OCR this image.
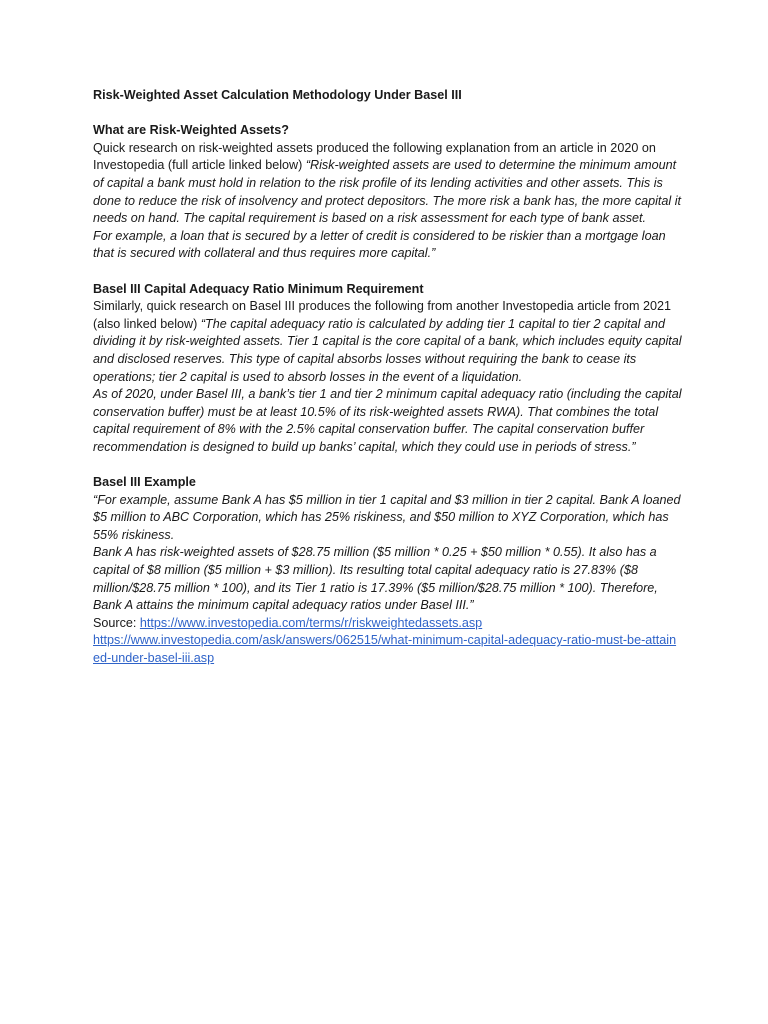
Risk-Weighted Asset Calculation Methodology Under Basel III
What are Risk-Weighted Assets?

Quick research on risk-weighted assets produced the following explanation from an article in 2020 on Investopedia (full article linked below) “Risk-weighted assets are used to determine the minimum amount of capital a bank must hold in relation to the risk profile of its lending activities and other assets. This is done to reduce the risk of insolvency and protect depositors. The more risk a bank has, the more capital it needs on hand. The capital requirement is based on a risk assessment for each type of bank asset.

For example, a loan that is secured by a letter of credit is considered to be riskier than a mortgage loan that is secured with collateral and thus requires more capital.”

Basel III Capital Adequacy Ratio Minimum Requirement

Similarly, quick research on Basel III produces the following from another Investopedia article from 2021 (also linked below) “The capital adequacy ratio is calculated by adding tier 1 capital to tier 2 capital and dividing it by risk-weighted assets. Tier 1 capital is the core capital of a bank, which includes equity capital and disclosed reserves. This type of capital absorbs losses without requiring the bank to cease its operations; tier 2 capital is used to absorb losses in the event of a liquidation.

As of 2020, under Basel III, a bank’s tier 1 and tier 2 minimum capital adequacy ratio (including the capital conservation buffer) must be at least 10.5% of its risk-weighted assets RWA). That combines the total capital requirement of 8% with the 2.5% capital conservation buffer. The capital conservation buffer recommendation is designed to build up banks’ capital, which they could use in periods of stress.”

Basel III Example

“For example, assume Bank A has $5 million in tier 1 capital and $3 million in tier 2 capital. Bank A loaned $5 million to ABC Corporation, which has 25% riskiness, and $50 million to XYZ Corporation, which has 55% riskiness.

Bank A has risk-weighted assets of $28.75 million ($5 million * 0.25 + $50 million * 0.55). It also has a capital of $8 million ($5 million + $3 million). Its resulting total capital adequacy ratio is 27.83% ($8 million/$28.75 million * 100), and its Tier 1 ratio is 17.39% ($5 million/$28.75 million * 100). Therefore, Bank A attains the minimum capital adequacy ratios under Basel III.”

Source: https://www.investopedia.com/terms/r/riskweightedassets.asp

https://www.investopedia.com/ask/answers/062515/what-minimum-capital-adequacy-ratio-must-be-attained-under-basel-iii.asp
